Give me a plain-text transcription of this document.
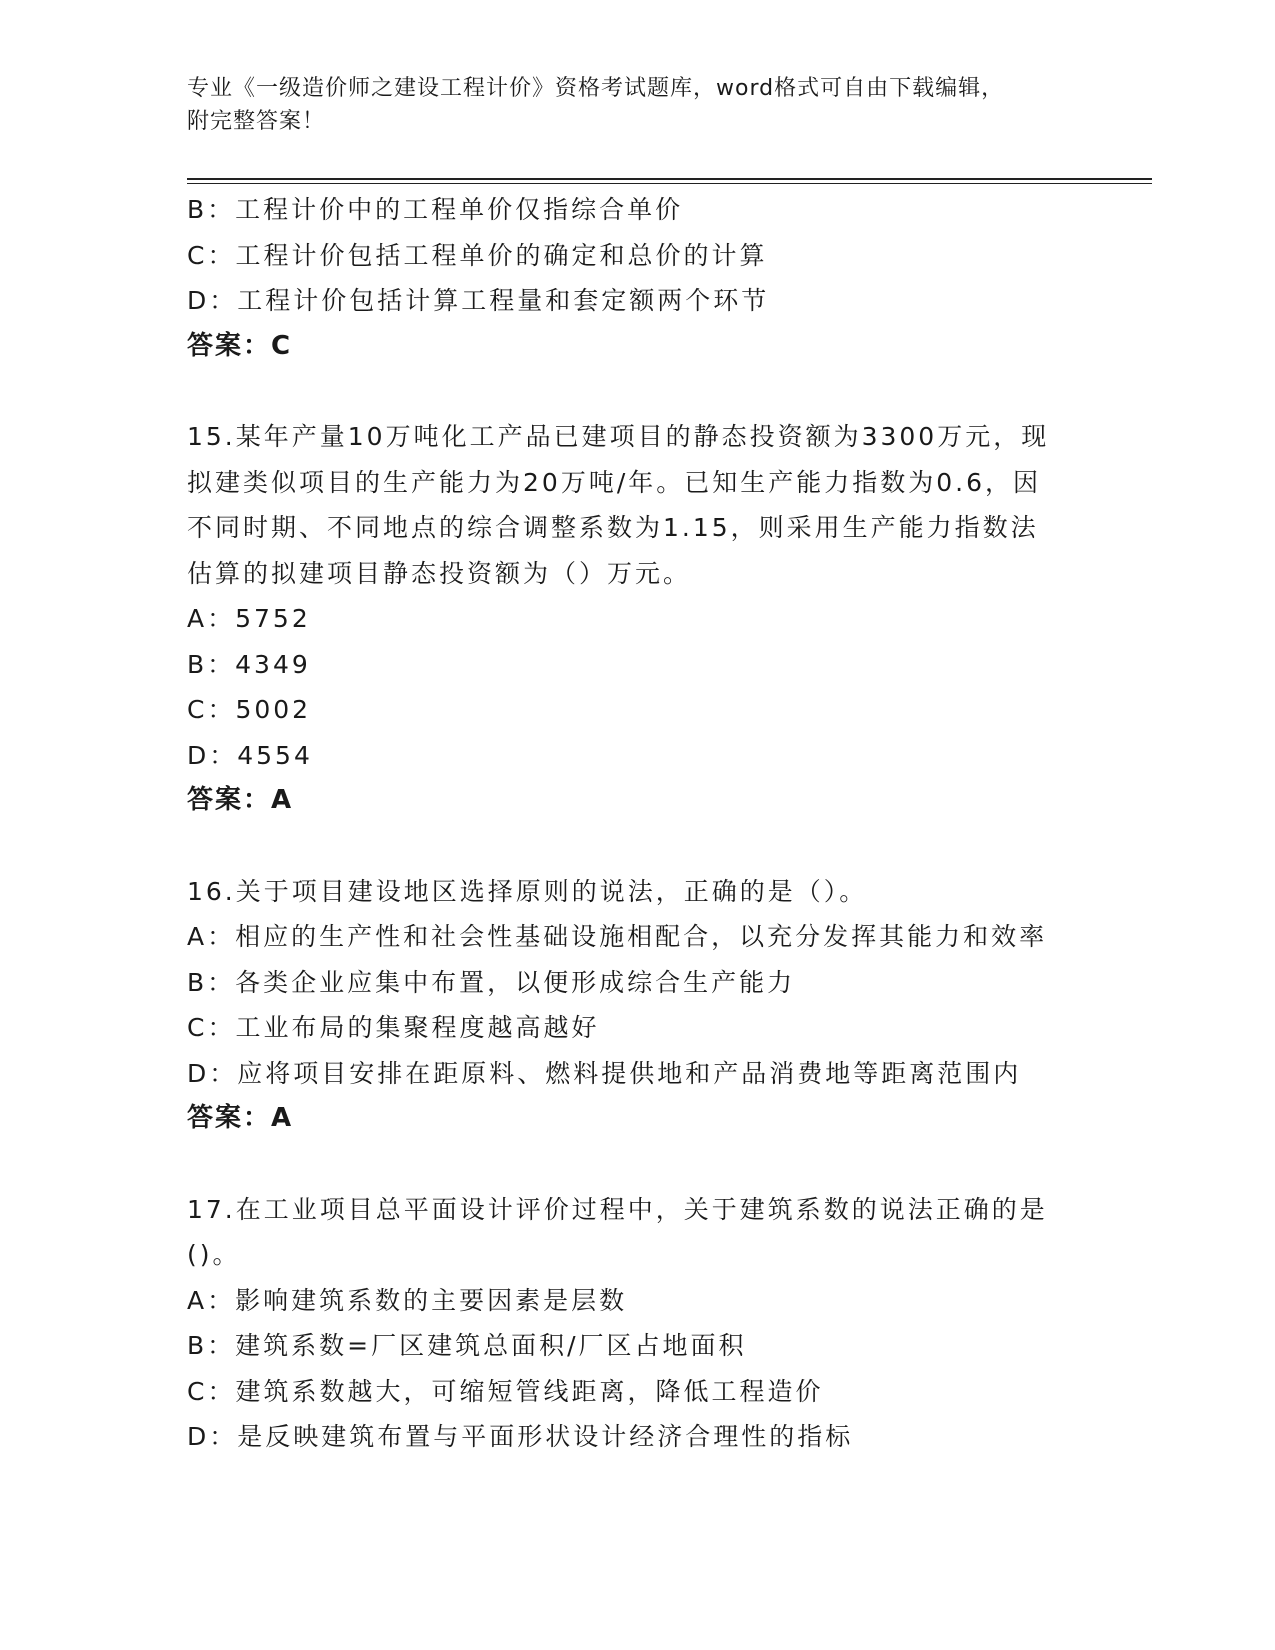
专业《一级造价师之建设工程计价》资格考试题库，word格式可自由下载编辑，
附完整答案！
B：工程计价中的工程单价仅指综合单价
C：工程计价包括工程单价的确定和总价的计算
D：工程计价包括计算工程量和套定额两个环节
答案：C
15.某年产量10万吨化工产品已建项目的静态投资额为3300万元，现
拟建类似项目的生产能力为20万吨/年。已知生产能力指数为0.6，因
不同时期、不同地点的综合调整系数为1.15，则采用生产能力指数法
估算的拟建项目静态投资额为（）万元。
A：5752
B：4349
C：5002
D：4554
答案：A
16.关于项目建设地区选择原则的说法，正确的是（）。
A：相应的生产性和社会性基础设施相配合，以充分发挥其能力和效率
B：各类企业应集中布置，以便形成综合生产能力
C：工业布局的集聚程度越高越好
D：应将项目安排在距原料、燃料提供地和产品消费地等距离范围内
答案：A
17.在工业项目总平面设计评价过程中，关于建筑系数的说法正确的是
()。
A：影响建筑系数的主要因素是层数
B：建筑系数=厂区建筑总面积/厂区占地面积
C：建筑系数越大，可缩短管线距离，降低工程造价
D：是反映建筑布置与平面形状设计经济合理性的指标
